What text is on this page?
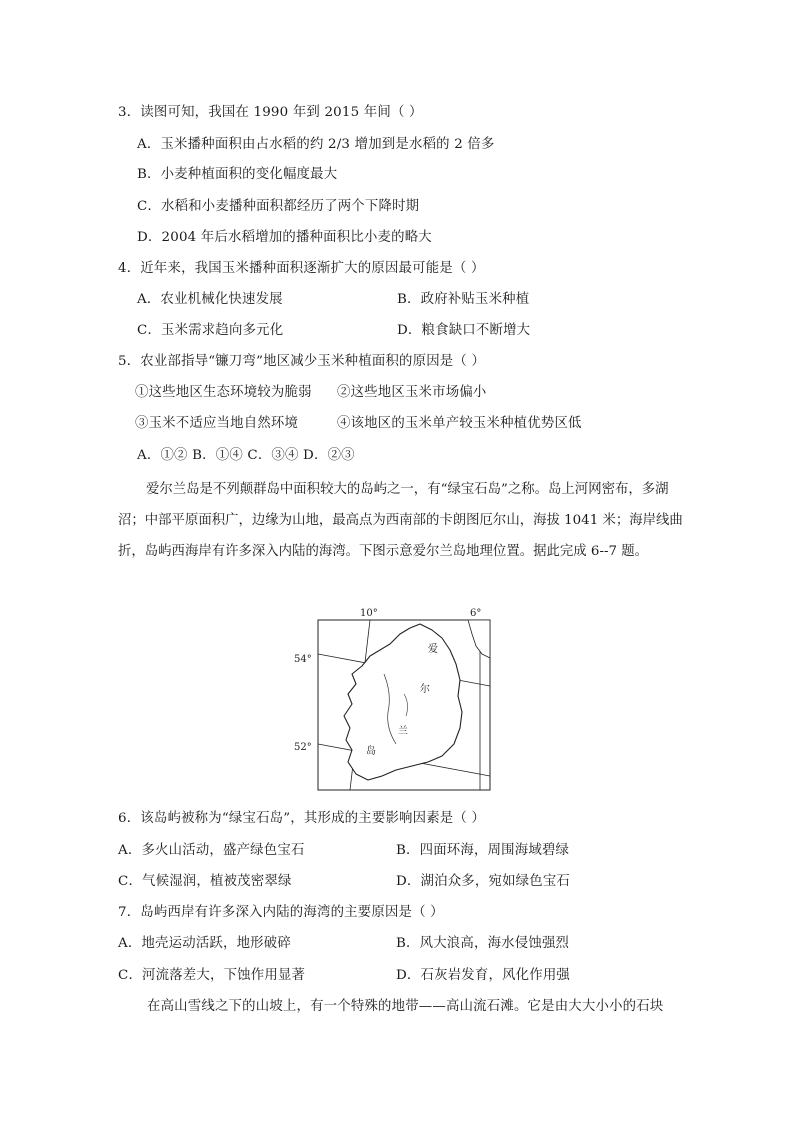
3．读图可知，我国在 1990 年到 2015 年间（ ）
A．玉米播种面积由占水稻的约 2/3 增加到是水稻的 2 倍多
B．小麦种植面积的变化幅度最大
C．水稻和小麦播种面积都经历了两个下降时期
D．2004 年后水稻增加的播种面积比小麦的略大
4．近年来，我国玉米播种面积逐渐扩大的原因最可能是（ ）
A．农业机械化快速发展	B．政府补贴玉米种植
C．玉米需求趋向多元化	D．粮食缺口不断增大
5．农业部指导“镰刀弯”地区减少玉米种植面积的原因是（ ）
①这些地区生态环境较为脆弱 ②这些地区玉米市场偏小
③玉米不适应当地自然环境	④该地区的玉米单产较玉米种植优势区低
A．①② B．①④ C．③④ D．②③
爱尔兰岛是不列颠群岛中面积较大的岛屿之一，有“绿宝石岛”之称。岛上河网密布，多湖沼；中部平原面积广，边缘为山地，最高点为西南部的卡朗图厄尔山，海拔 1041 米；海岸线曲折，岛屿西海岸有许多深入内陆的海湾。下图示意爱尔兰岛地理位置。据此完成 6--7 题。
10°	6°
54°
52°
爱
尔
兰
岛
6．该岛屿被称为“绿宝石岛”，其形成的主要影响因素是（ ）
A．多火山活动，盛产绿色宝石	B．四面环海，周围海域碧绿
C．气候湿润，植被茂密翠绿	D．湖泊众多，宛如绿色宝石
7．岛屿西岸有许多深入内陆的海湾的主要原因是（ ）
A．地壳运动活跃，地形破碎	B．风大浪高，海水侵蚀强烈
C．河流落差大，下蚀作用显著	D．石灰岩发育，风化作用强
在高山雪线之下的山坡上，有一个特殊的地带——高山流石滩。它是由大大小小的石块
